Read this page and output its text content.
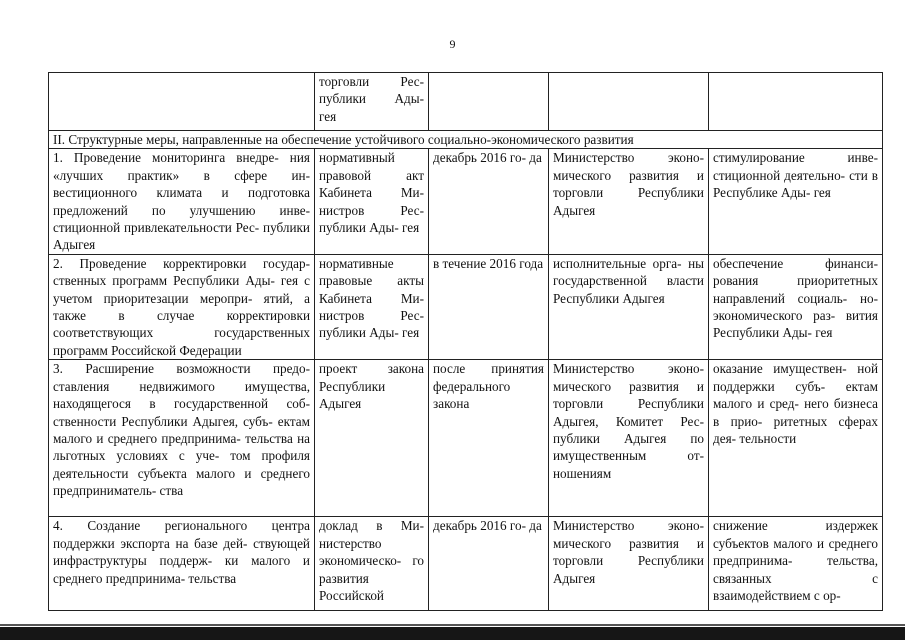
9

	торговли Рес-
публики Ады-
гея			

II. Структурные меры, направленные на обеспечение устойчивого социально-экономического развития				
1. Проведение мониторинга внедре- ния «лучших практик» в сфере ин- вестиционного климата и подготовка предложений по улучшению инве- стиционной привлекательности Рес- публики Адыгея	нормативный правовой акт Кабинета Ми- нистров Рес- публики Ады- гея	декабрь 2016 го- да	Министерство эконо- мического развития и торговли Республики Адыгея	стимулирование инве- стиционной деятельно- сти в Республике Ады- гея
2. Проведение корректировки государ- ственных программ Республики Ады- гея с учетом приоритезации меропри- ятий, а также в случае корректировки соответствующих государственных программ Российской Федерации	нормативные правовые акты Кабинета Ми- нистров Рес- публики Ады- гея	в течение 2016 года	исполнительные орга- ны государственной власти Республики Адыгея	обеспечение финанси- рования приоритетных направлений социаль- но-экономического раз- вития Республики Ады- гея
3. Расширение возможности предо- ставления недвижимого имущества, находящегося в государственной соб- ственности Республики Адыгея, субъ- ектам малого и среднего предпринима- тельства на льготных условиях с уче- том профиля деятельности субъекта малого и среднего предприниматель- ства	проект закона Республики Адыгея	после принятия федерального закона	Министерство эконо- мического развития и торговли Республики Адыгея, Комитет Рес- публики Адыгея по имущественным от- ношениям	оказание имуществен- ной поддержки субъ- ектам малого и сред- него бизнеса в прио- ритетных сферах дея- тельности
4. Создание регионального центра поддержки экспорта на базе дей- ствующей инфраструктуры поддерж- ки малого и среднего предпринима- тельства	доклад в Ми- нистерство экономическо- го развития Российской	декабрь 2016 го- да	Министерство эконо- мического развития и торговли Республики Адыгея	снижение издержек субъектов малого и среднего предпринима- тельства, связанных с взаимодействием с ор-
